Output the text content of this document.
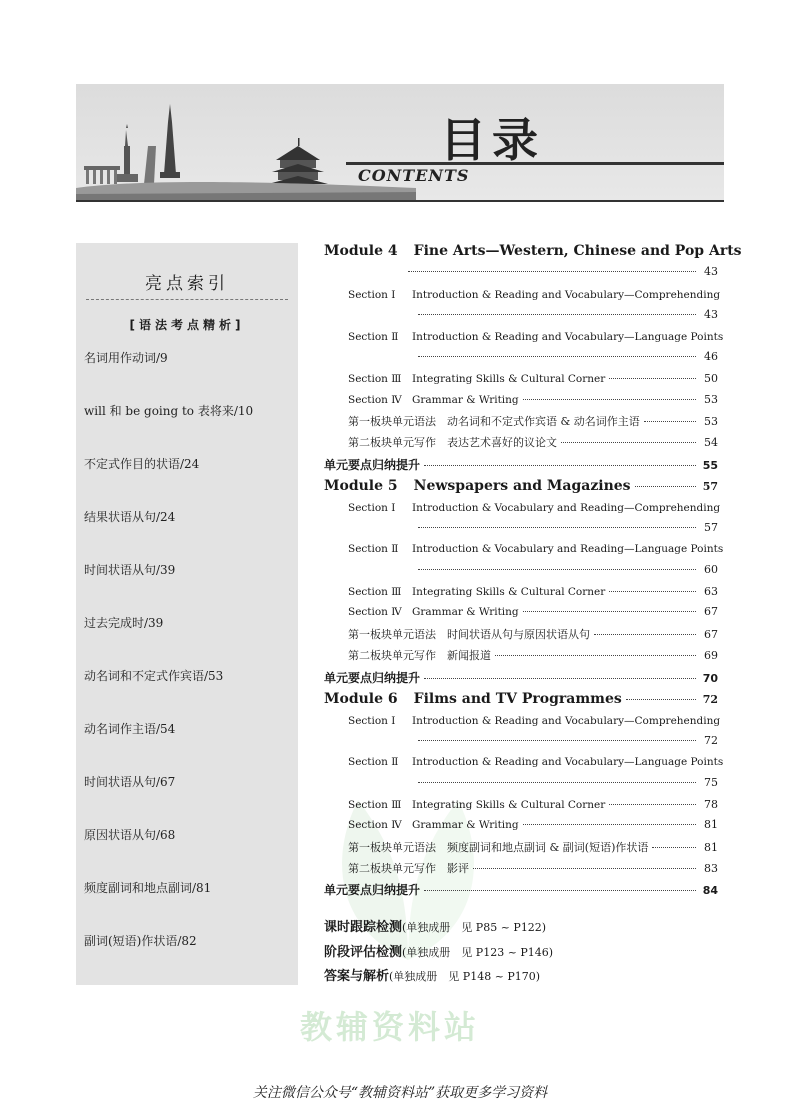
目录
CONTENTS
亮点索引
[语法考点精析]
名词用作动词/9
will 和 be going to 表将来/10
不定式作目的状语/24
结果状语从句/24
时间状语从句/39
过去完成时/39
动名词和不定式作宾语/53
动名词作主语/54
时间状语从句/67
原因状语从句/68
频度副词和地点副词/81
副词(短语)作状语/82
Module 4 Fine Arts—Western, Chinese and Pop Arts
43
Section Ⅰ	Introduction & Reading and Vocabulary—Comprehending
43
Section Ⅱ	Introduction & Reading and Vocabulary—Language Points
46
Section Ⅲ	Integrating Skills & Cultural Corner	50
Section Ⅳ Grammar & Writing	53
第一板块单元语法　动名词和不定式作宾语 & 动名词作主语	53
第二板块单元写作　表达艺术喜好的议论文	54
单元要点归纳提升	55
Module 5 Newspapers and Magazines	57
Section Ⅰ	Introduction & Vocabulary and Reading—Comprehending
57
Section Ⅱ	Introduction & Vocabulary and Reading—Language Points
60
Section Ⅲ	Integrating Skills & Cultural Corner	63
Section Ⅳ Grammar & Writing	67
第一板块单元语法　时间状语从句与原因状语从句	67
第二板块单元写作　新闻报道	69
单元要点归纳提升	70
Module 6 Films and TV Programmes	72
Section Ⅰ	Introduction & Reading and Vocabulary—Comprehending
72
Section Ⅱ	Introduction & Reading and Vocabulary—Language Points
75
Section Ⅲ	Integrating Skills & Cultural Corner	78
Section Ⅳ Grammar & Writing	81
第一板块单元语法　频度副词和地点副词 & 副词(短语)作状语	81
第二板块单元写作　影评	83
单元要点归纳提升	84
课时跟踪检测(单独成册　见 P85 ~ P122)
阶段评估检测(单独成册　见 P123 ~ P146)
答案与解析(单独成册　见 P148 ~ P170)
教辅资料站
关注微信公众号“教辅资料站”获取更多学习资料
